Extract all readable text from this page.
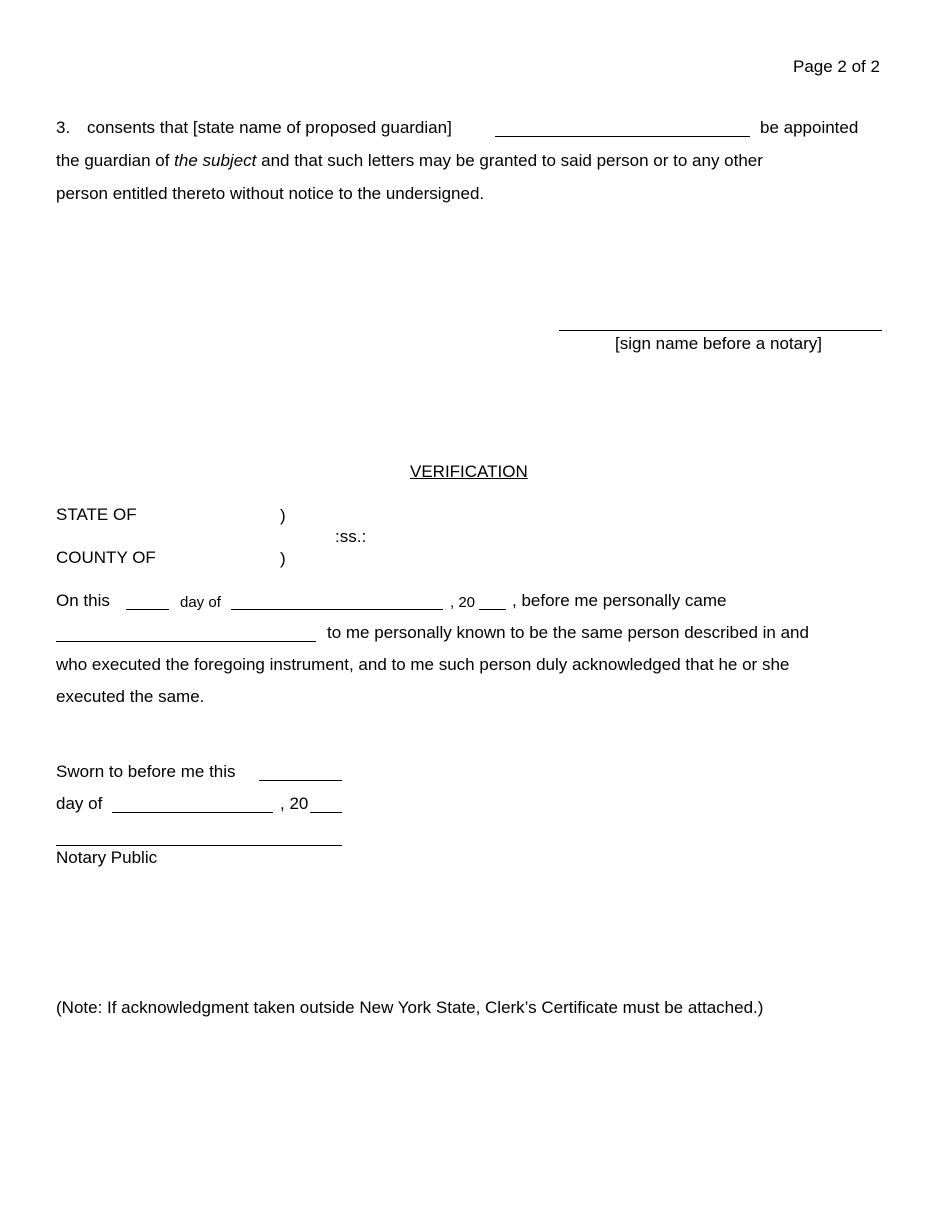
Page 2 of 2
3. consents that [state name of proposed guardian]	be appointed
the guardian of the subject and that such letters may be granted to said person or to any other
person entitled thereto without notice to the undersigned.
[sign name before a notary]
VERIFICATION
STATE OF	)
:ss.:
COUNTY OF	)
On this	day of	, 20 , before me personally came
to me personally known to be the same person described in and
who executed the foregoing instrument, and to me such person duly acknowledged that he or she
executed the same.
Sworn to before me this
day of	, 20
Notary Public
(Note: If acknowledgment taken outside New York State, Clerk’s Certificate must be attached.)
